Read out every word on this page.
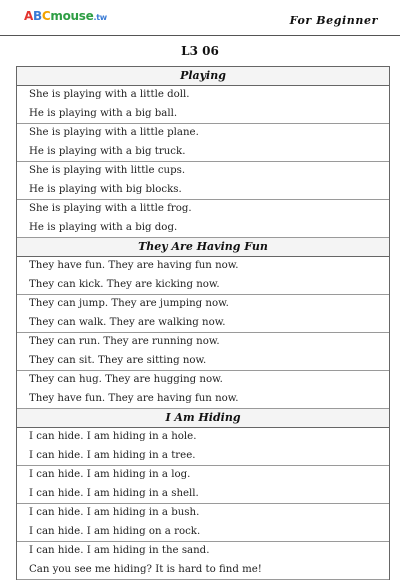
ABCmouse.tw	For Beginner
L3 06
Playing
She is playing with a little doll.
He is playing with a big ball.
She is playing with a little plane.
He is playing with a big truck.
She is playing with little cups.
He is playing with big blocks.
She is playing with a little frog.
He is playing with a big dog.
They Are Having Fun
They have fun. They are having fun now.
They can kick. They are kicking now.
They can jump. They are jumping now.
They can walk. They are walking now.
They can run. They are running now.
They can sit. They are sitting now.
They can hug. They are hugging now.
They have fun. They are having fun now.
I Am Hiding
I can hide. I am hiding in a hole.
I can hide. I am hiding in a tree.
I can hide. I am hiding in a log.
I can hide. I am hiding in a shell.
I can hide. I am hiding in a bush.
I can hide. I am hiding on a rock.
I can hide. I am hiding in the sand.
Can you see me hiding? It is hard to find me!
